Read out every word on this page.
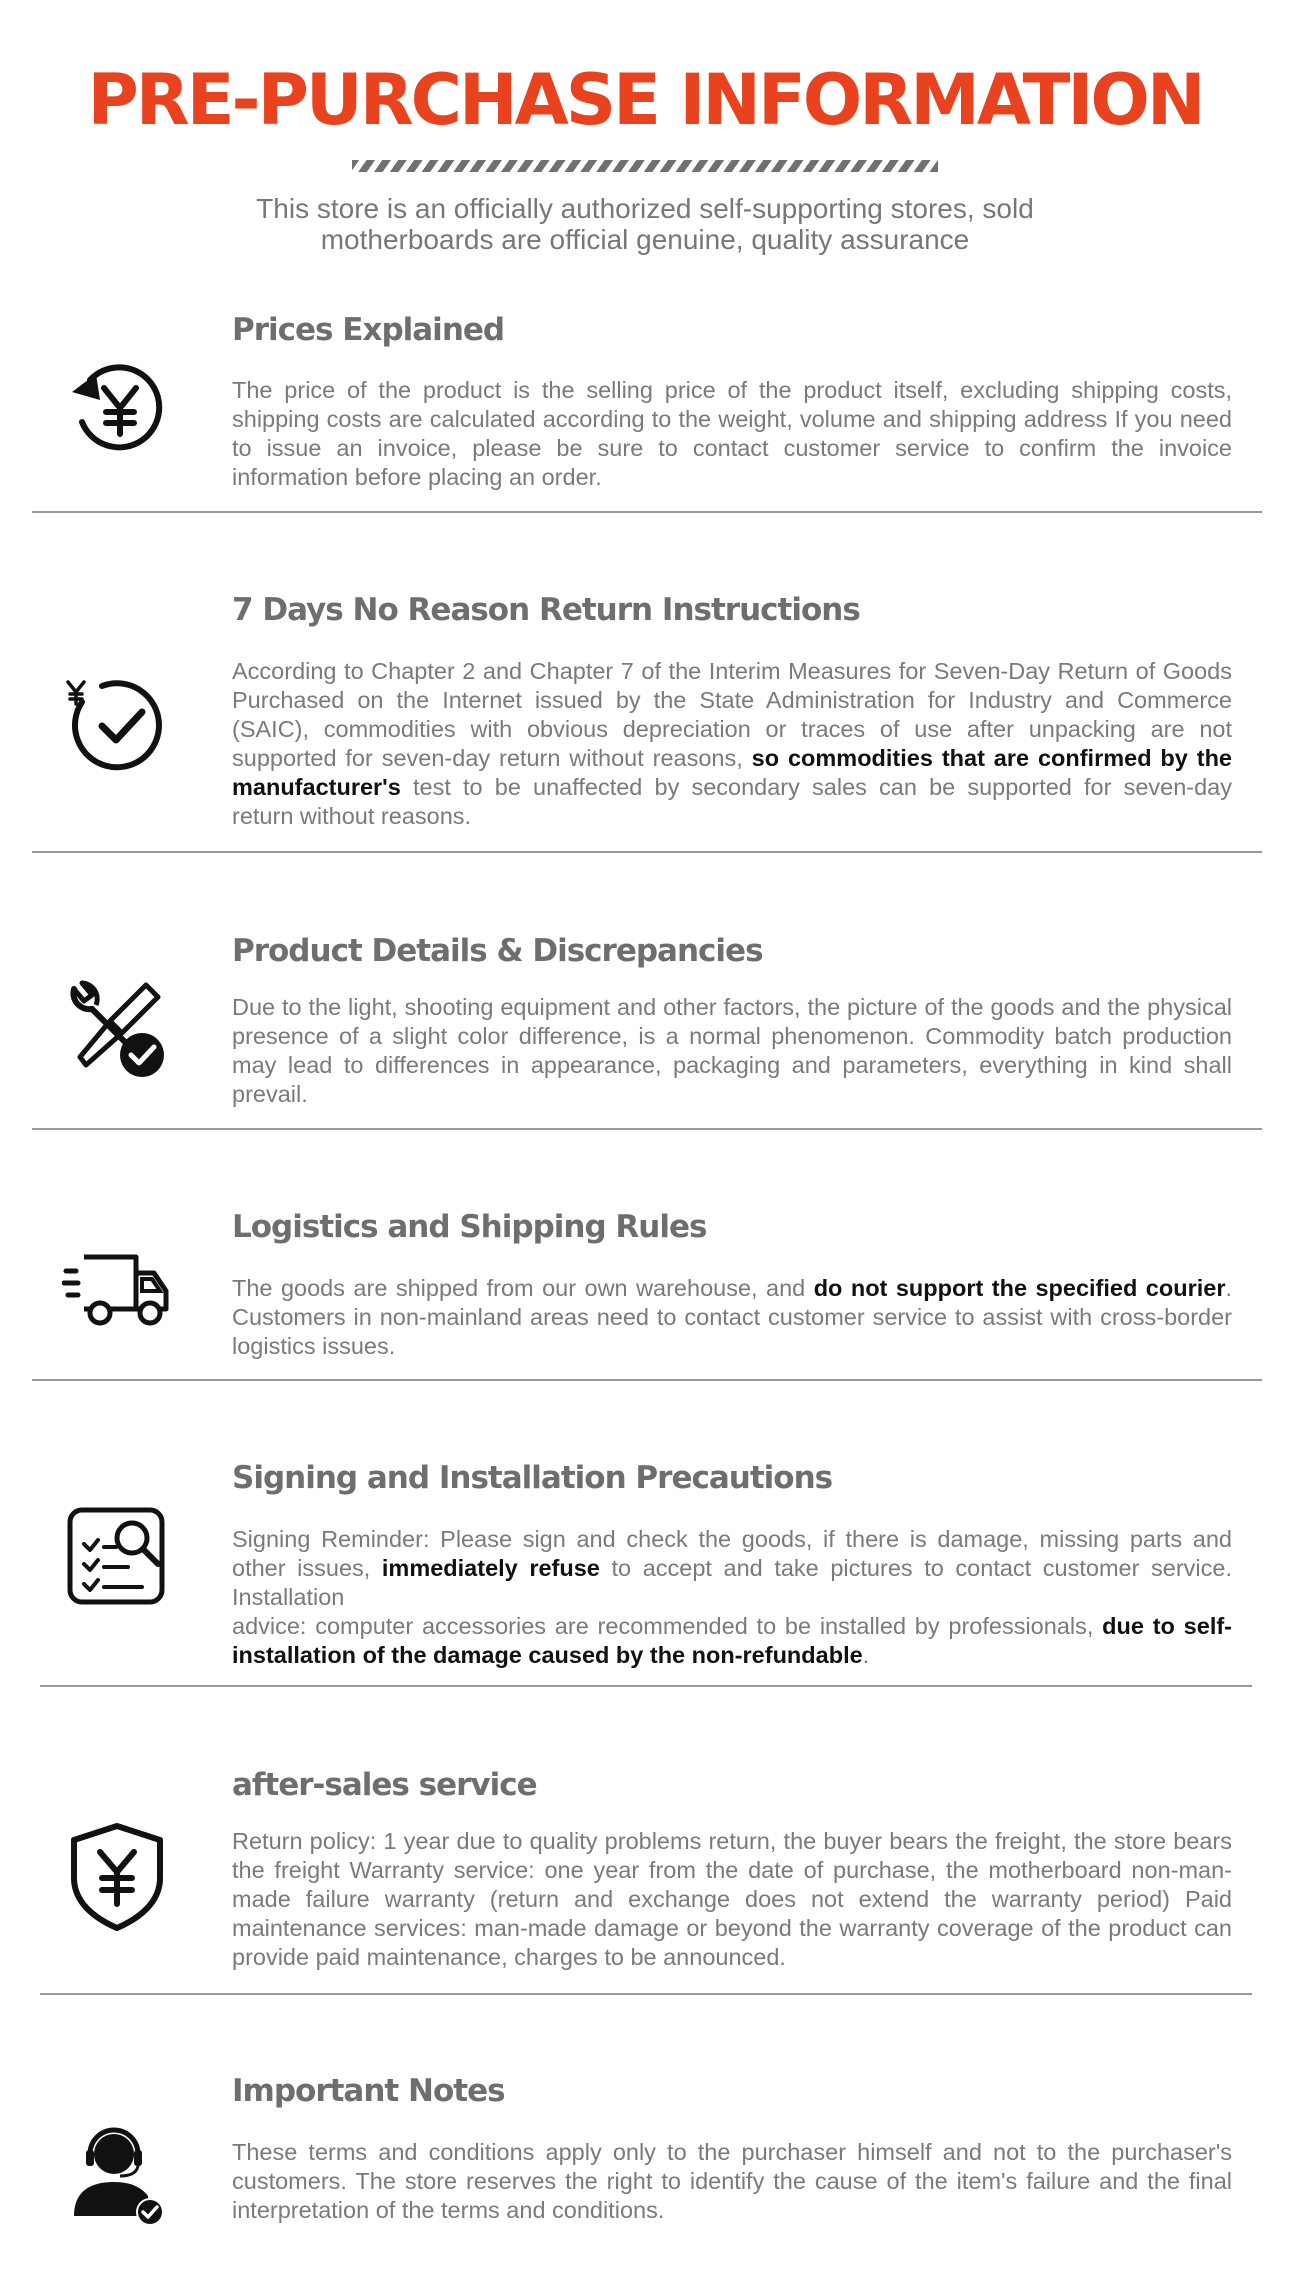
PRE-PURCHASE INFORMATION
This store is an officially authorized self-supporting stores, sold motherboards are official genuine, quality assurance
Prices Explained
The price of the product is the selling price of the product itself, excluding shipping costs, shipping costs are calculated according to the weight, volume and shipping address If you need to issue an invoice, please be sure to contact customer service to confirm the invoice information before placing an order.
7 Days No Reason Return Instructions
According to Chapter 2 and Chapter 7 of the Interim Measures for Seven-Day Return of Goods Purchased on the Internet issued by the State Administration for Industry and Commerce (SAIC), commodities with obvious depreciation or traces of use after unpacking are not supported for seven-day return without reasons, so commodities that are confirmed by the manufacturer's test to be unaffected by secondary sales can be supported for seven-day return without reasons.
Product Details & Discrepancies
Due to the light, shooting equipment and other factors, the picture of the goods and the physical presence of a slight color difference, is a normal phenomenon. Commodity batch production may lead to differences in appearance, packaging and parameters, everything in kind shall prevail.
Logistics and Shipping Rules
The goods are shipped from our own warehouse, and do not support the specified courier. Customers in non-mainland areas need to contact customer service to assist with cross-border logistics issues.
Signing and Installation Precautions
Signing Reminder: Please sign and check the goods, if there is damage, missing parts and other issues, immediately refuse to accept and take pictures to contact customer service. Installation
advice: computer accessories are recommended to be installed by professionals, due to self-installation of the damage caused by the non-refundable.
after-sales service
Return policy: 1 year due to quality problems return, the buyer bears the freight, the store bears the freight Warranty service: one year from the date of purchase, the motherboard non-man-made failure warranty (return and exchange does not extend the warranty period) Paid maintenance services: man-made damage or beyond the warranty coverage of the product can provide paid maintenance, charges to be announced.
Important Notes
These terms and conditions apply only to the purchaser himself and not to the purchaser's customers. The store reserves the right to identify the cause of the item's failure and the final interpretation of the terms and conditions.
